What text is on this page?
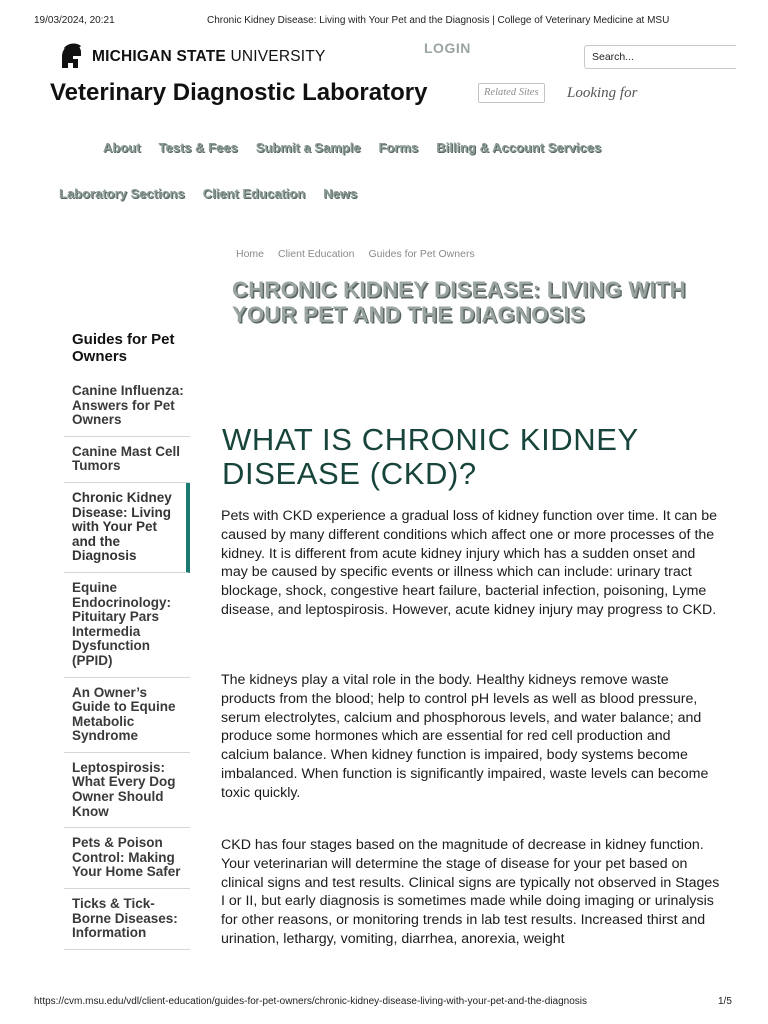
19/03/2024, 20:21	Chronic Kidney Disease: Living with Your Pet and the Diagnosis | College of Veterinary Medicine at MSU
MICHIGAN STATE UNIVERSITY	LOGIN
Search...
Veterinary Diagnostic Laboratory	Related Sites	Looking for
About Tests & Fees Submit a Sample Forms Billing & Account Services
Laboratory Sections Client Education News
Home Client Education Guides for Pet Owners
CHRONIC KIDNEY DISEASE: LIVING WITH YOUR PET AND THE DIAGNOSIS
Guides for Pet Owners
Canine Influenza: Answers for Pet Owners
Canine Mast Cell Tumors
Chronic Kidney Disease: Living with Your Pet and the Diagnosis
Equine Endocrinology: Pituitary Pars Intermedia Dysfunction (PPID)
An Owner’s Guide to Equine Metabolic Syndrome
Leptospirosis: What Every Dog Owner Should Know
Pets & Poison Control: Making Your Home Safer
Ticks & Tick-Borne Diseases: Information
WHAT IS CHRONIC KIDNEY DISEASE (CKD)?

Pets with CKD experience a gradual loss of kidney function over time. It can be caused by many different conditions which affect one or more processes of the kidney. It is different from acute kidney injury which has a sudden onset and may be caused by specific events or illness which can include: urinary tract blockage, shock, congestive heart failure, bacterial infection, poisoning, Lyme disease, and leptospirosis. However, acute kidney injury may progress to CKD.

The kidneys play a vital role in the body. Healthy kidneys remove waste products from the blood; help to control pH levels as well as blood pressure, serum electrolytes, calcium and phosphorous levels, and water balance; and produce some hormones which are essential for red cell production and calcium balance. When kidney function is impaired, body systems become imbalanced. When function is significantly impaired, waste levels can become toxic quickly.

CKD has four stages based on the magnitude of decrease in kidney function. Your veterinarian will determine the stage of disease for your pet based on clinical signs and test results. Clinical signs are typically not observed in Stages I or II, but early diagnosis is sometimes made while doing imaging or urinalysis for other reasons, or monitoring trends in lab test results. Increased thirst and urination, lethargy, vomiting, diarrhea, anorexia, weight

https://cvm.msu.edu/vdl/client-education/guides-for-pet-owners/chronic-kidney-disease-living-with-your-pet-and-the-diagnosis	1/5
